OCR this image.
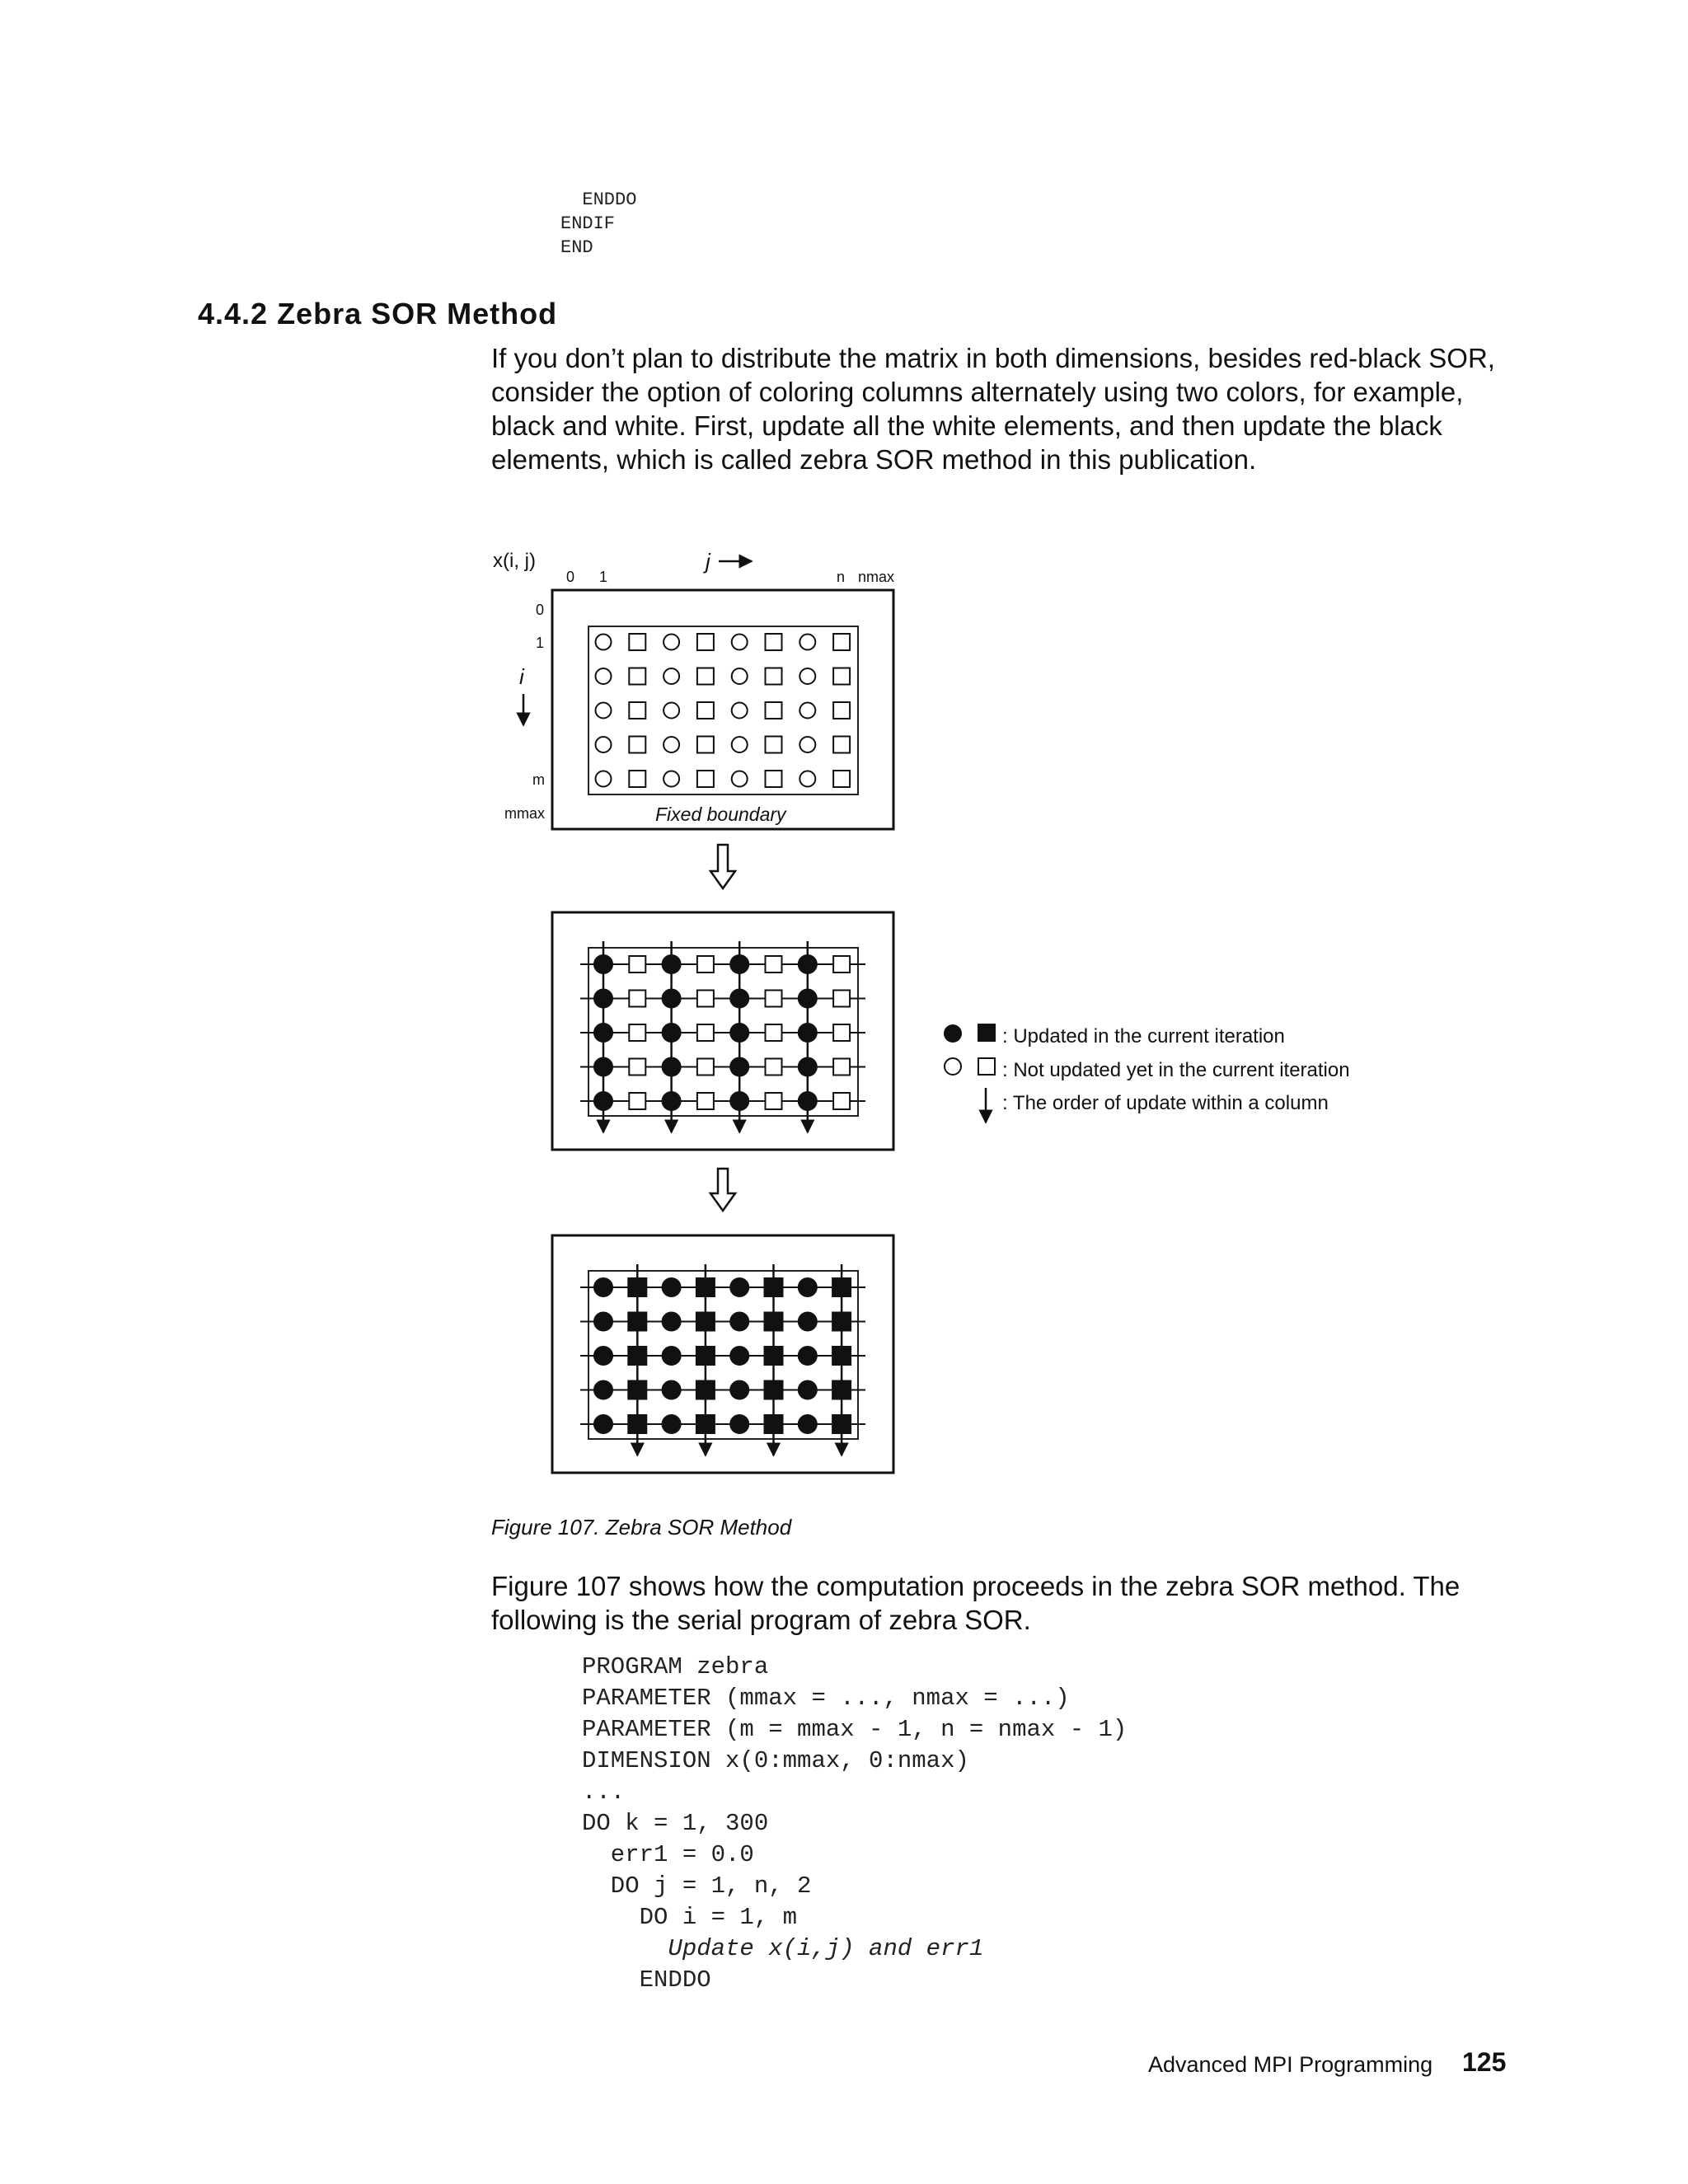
ENDDO
ENDIF
END
4.4.2 Zebra SOR Method
If you don’t plan to distribute the matrix in both dimensions, besides red-black SOR, consider the option of coloring columns alternately using two colors, for example, black and white. First, update all the white elements, and then update the black elements, which is called zebra SOR method in this publication.
x(i, j)	j
0 1	n nmax
0
1
m
mmax
i
Fixed boundary
: Updated in the current iteration
: Not updated yet in the current iteration
: The order of update within a column
Figure 107. Zebra SOR Method
Figure 107 shows how the computation proceeds in the zebra SOR method. The following is the serial program of zebra SOR.
PROGRAM zebra
PARAMETER (mmax = ..., nmax = ...)
PARAMETER (m = mmax - 1, n = nmax - 1)
DIMENSION x(0:mmax, 0:nmax)
...
DO k = 1, 300
err1 = 0.0
DO j = 1, n, 2
DO i = 1, m
Update x(i,j) and err1
ENDDO
Advanced MPI Programming 125
